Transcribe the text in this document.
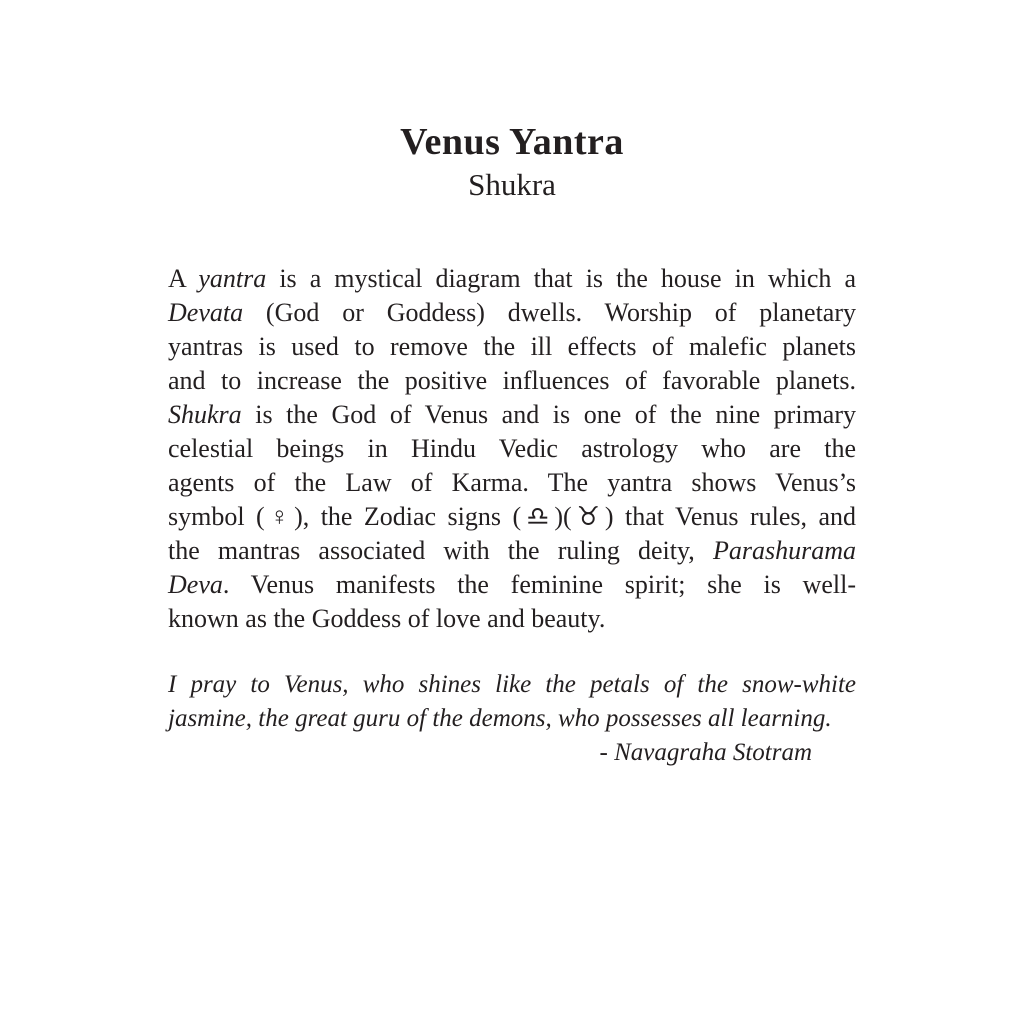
Venus Yantra
Shukra
A yantra is a mystical diagram that is the house in which a
Devata (God or Goddess) dwells. Worship of planetary
yantras is used to remove the ill effects of malefic planets
and to increase the positive influences of favorable planets.
Shukra is the God of Venus and is one of the nine primary
celestial beings in Hindu Vedic astrology who are the
agents of the Law of Karma. The yantra shows Venus’s
symbol (♀︎), the Zodiac signs (♎︎)(♉︎) that Venus rules, and
the mantras associated with the ruling deity, Parashurama
Deva. Venus manifests the feminine spirit; she is well-
known as the Goddess of love and beauty.
I pray to Venus, who shines like the petals of the snow-white
jasmine, the great guru of the demons, who possesses all learning.
- Navagraha Stotram
